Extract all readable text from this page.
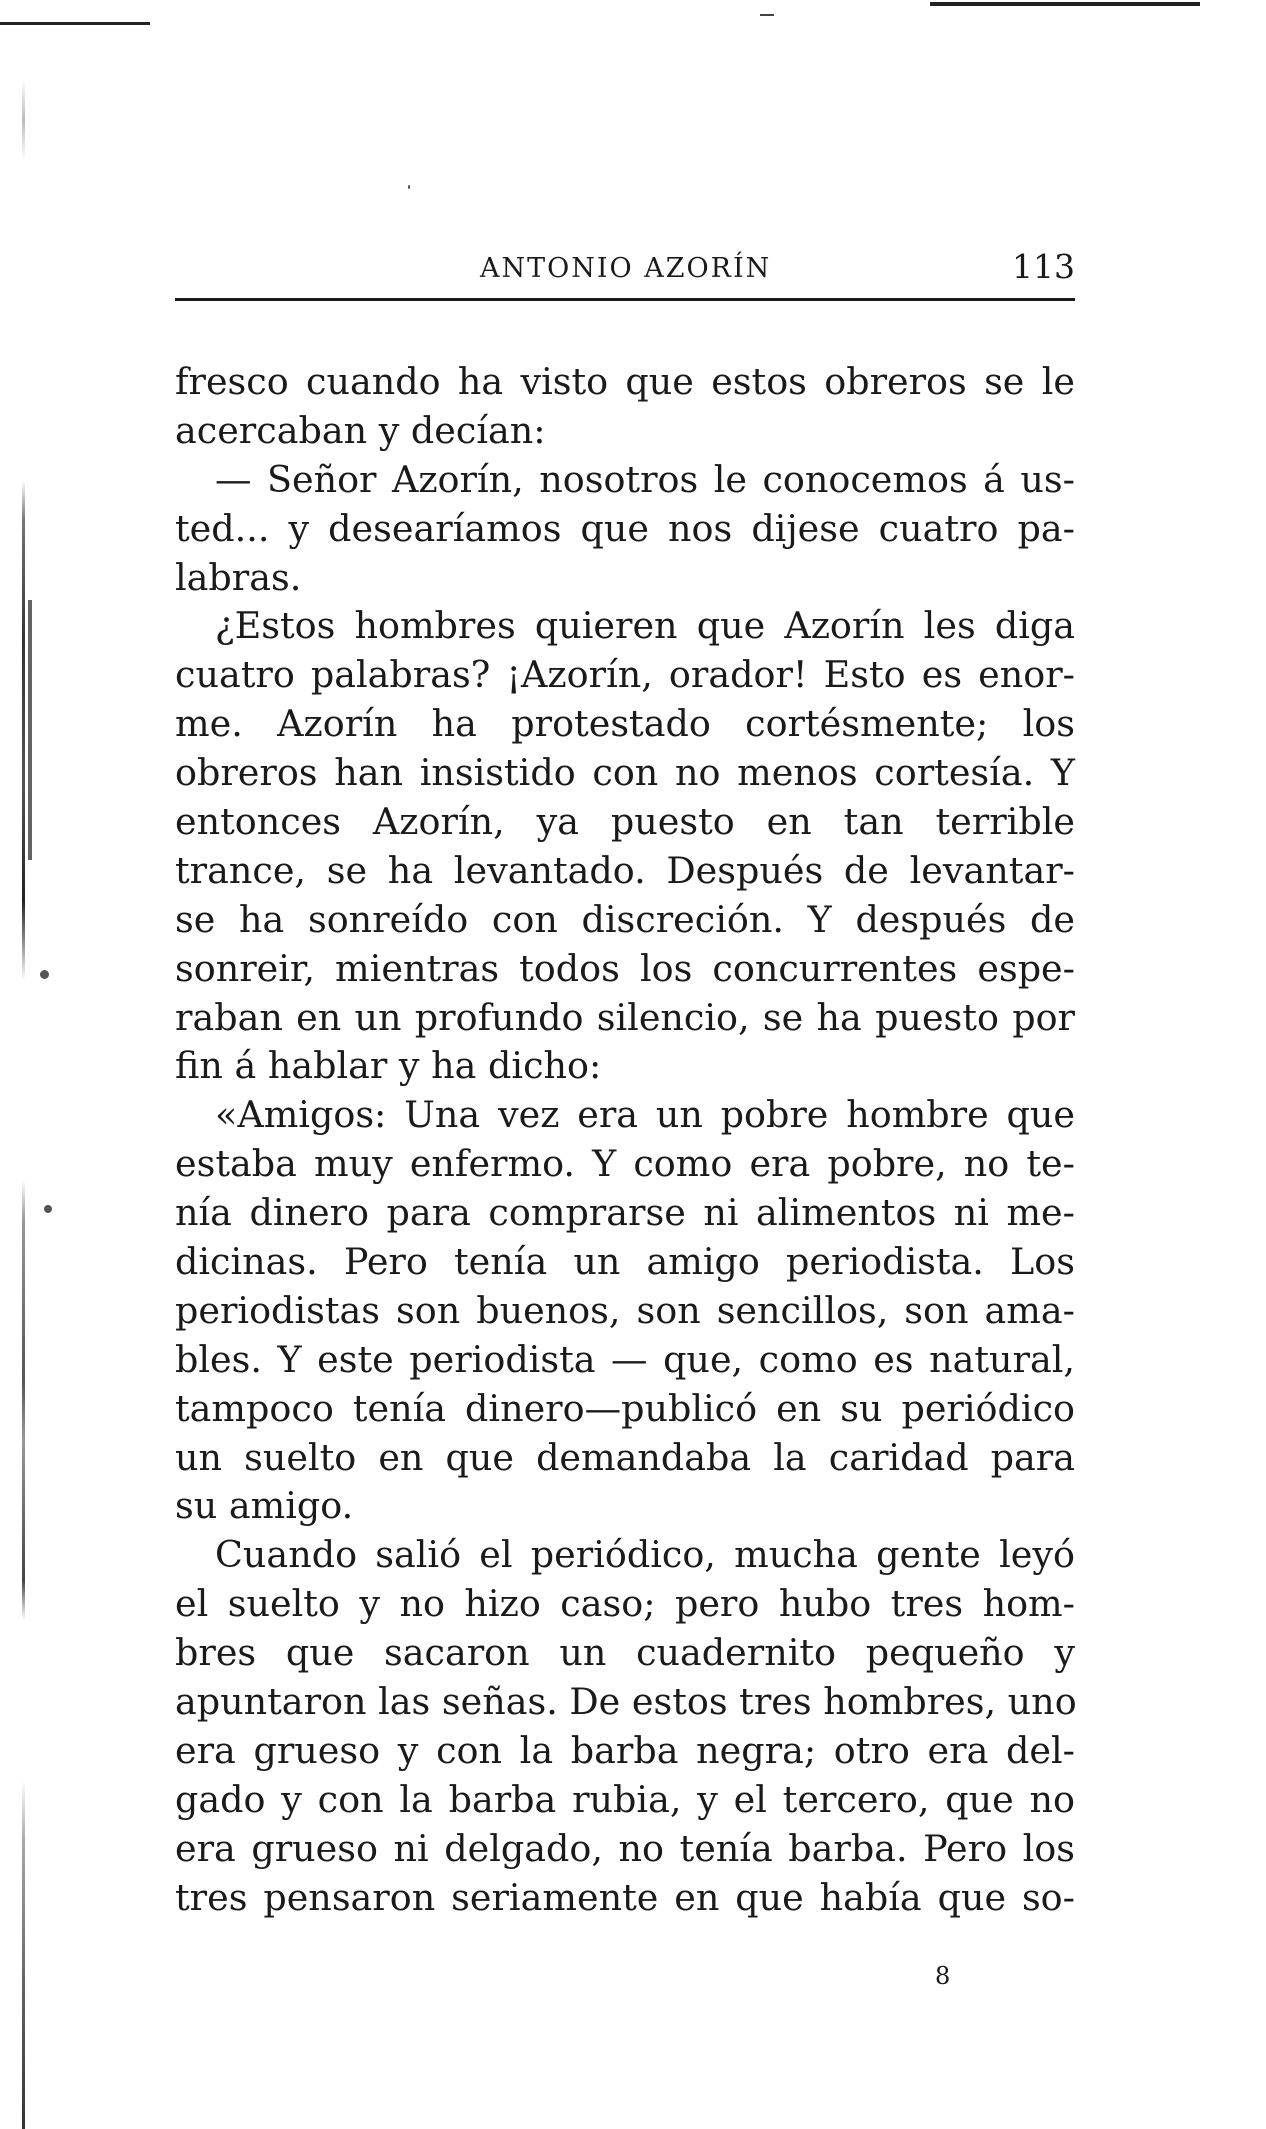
ANTONIO AZORÍN	113
fresco cuando ha visto que estos obreros se le
acercaban y decían:
— Señor Azorín, nosotros le conocemos á us-
ted... y desearíamos que nos dijese cuatro pa-
labras.
¿Estos hombres quieren que Azorín les diga
cuatro palabras? ¡Azorín, orador! Esto es enor-
me. Azorín ha protestado cortésmente; los
obreros han insistido con no menos cortesía. Y
entonces Azorín, ya puesto en tan terrible
trance, se ha levantado. Después de levantar-
se ha sonreído con discreción. Y después de
sonreir, mientras todos los concurrentes espe-
raban en un profundo silencio, se ha puesto por
fin á hablar y ha dicho:
«Amigos: Una vez era un pobre hombre que
estaba muy enfermo. Y como era pobre, no te-
nía dinero para comprarse ni alimentos ni me-
dicinas. Pero tenía un amigo periodista. Los
periodistas son buenos, son sencillos, son ama-
bles. Y este periodista — que, como es natural,
tampoco tenía dinero—publicó en su periódico
un suelto en que demandaba la caridad para
su amigo.
Cuando salió el periódico, mucha gente leyó
el suelto y no hizo caso; pero hubo tres hom-
bres que sacaron un cuadernito pequeño y
apuntaron las señas. De estos tres hombres, uno
era grueso y con la barba negra; otro era del-
gado y con la barba rubia, y el tercero, que no
era grueso ni delgado, no tenía barba. Pero los
tres pensaron seriamente en que había que so-
8
